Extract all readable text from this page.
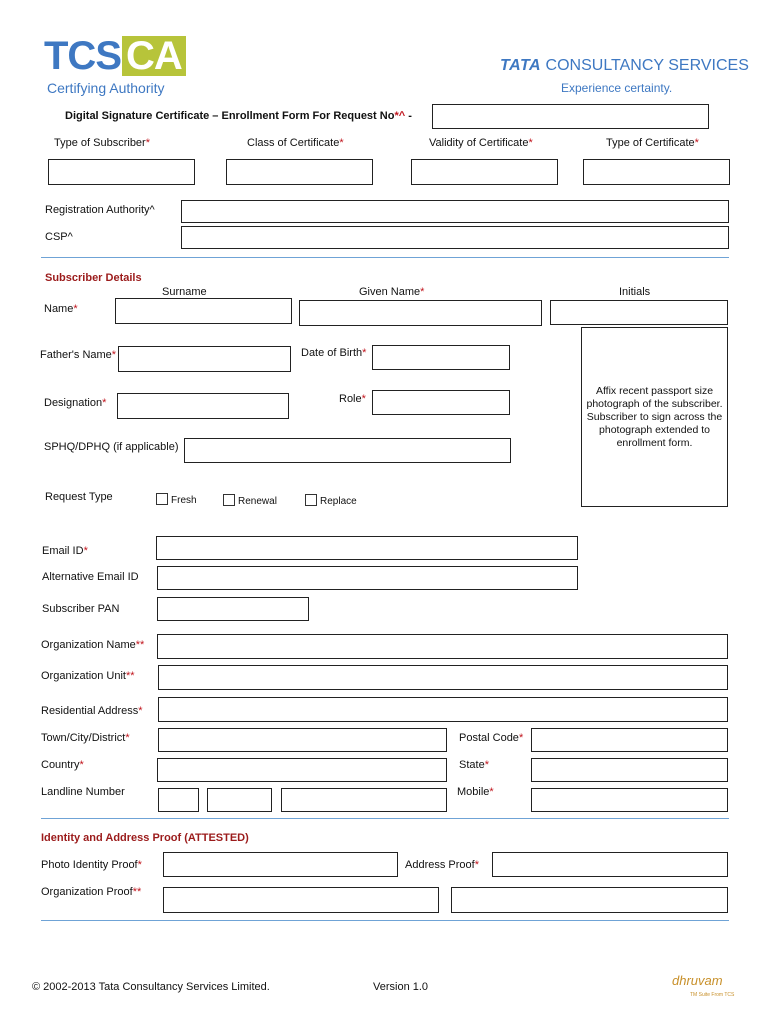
TCS CA
Certifying Authority
TATA CONSULTANCY SERVICES
Experience certainty.
Digital Signature Certificate – Enrollment Form For Request No*^ -
Type of Subscriber*	Class of Certificate*	Validity of Certificate*	Type of Certificate*
Registration Authority^
CSP^
Subscriber Details
Surname	Given Name*	Initials
Name*
Affix recent passport size photograph of the subscriber. Subscriber to sign across the photograph extended to enrollment form.
Father's Name*	Date of Birth*
Designation*	Role*
SPHQ/DPHQ (if applicable)
Request Type	Fresh	Renewal	Replace
Email ID*
Alternative Email ID
Subscriber PAN
Organization Name**
Organization Unit**
Residential Address*
Town/City/District*	Postal Code*
Country*	State*
Landline Number	Mobile*
Identity and Address Proof (ATTESTED)
Photo Identity Proof*	Address Proof*
Organization Proof**
© 2002-2013 Tata Consultancy Services Limited.	Version 1.0	dhruvam
TM Suite From TCS
